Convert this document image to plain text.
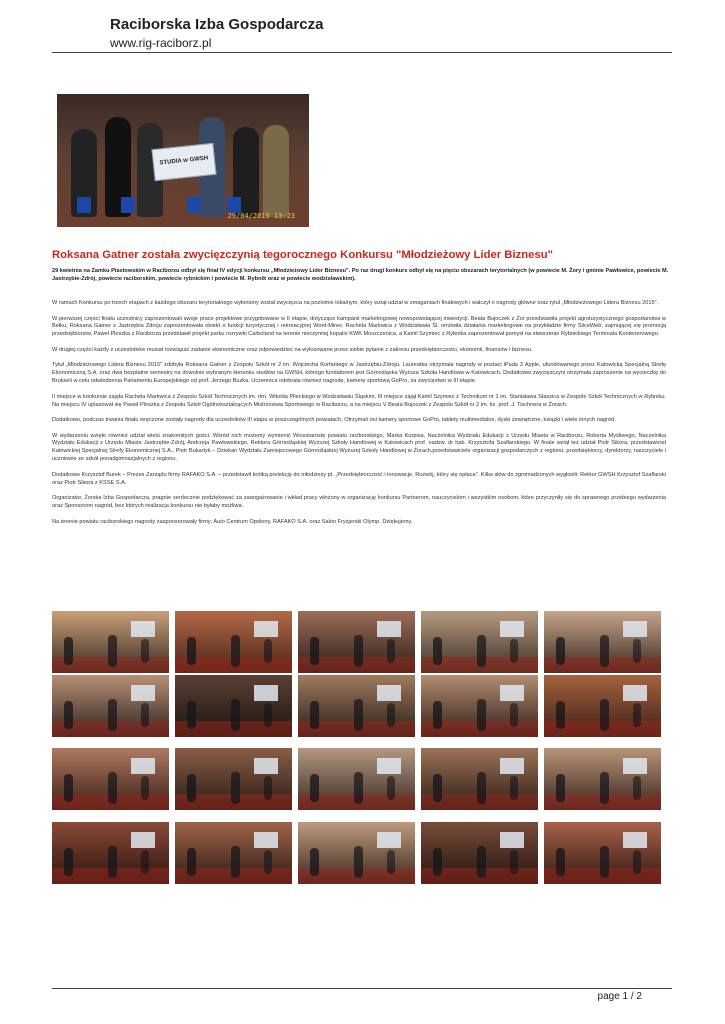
Raciborska Izba Gospodarcza
www.rig-raciborz.pl
STUDIA w GWSH
29/04/2015 13:23
Roksana Gatner została zwycięzczynią tegorocznego Konkursu "Młodzieżowy Lider Biznesu"
29 kwietnia na Zamku Piastowskim w Raciborzu odbył się finał IV edycji konkursu „Młodzieżowy Lider Biznesu". Po raz drugi konkurs odbył się na pięciu obszarach terytorialnych (w powiecie M. Żory i gminie Pawłowice, powiecie M. Jastrzębie-Zdrój, powiecie raciborskim, powiecie rybnickim i powiecie M. Rybnik oraz w powiecie wodzisławskim).

W ramach Konkursu po trzech etapach z każdego obszaru terytorialnego wyłoniony został zwycięzca na poziomie lokalnym, który wziął udział w zmaganiach finałowych i walczył o nagrody główne oraz tytuł „Młodzieżowego Lidera Biznesu 2015".

W pierwszej części finału uczestnicy zaprezentowali swoje prace projektowe przygotowane w II etapie, dotyczące kampanii marketingowej nowopowstającej inwestycji. Beata Bujoczek z Żor przedstawiła projekt agroturystycznego gospodarstwa w Bełku, Roksana Gatner z Jastrzębia Zdroju zaprezentowała obiekt o funkcji turystycznej i rekreacyjnej Word-Miner, Rachela Markwica z Wodzisławia Śl. omówiła działania marketingowe na przykładzie firmy SliceWeb, zajmującej się promocją przedsiębiorstw, Paweł Pleszka z Raciborza przedstawił projekt parku rozrywki Carboland na terenie nieczynnej kopalni KWK Moszczenica, a Kamil Szymiec z Rybnika zaprezentował pomysł na stworzenie Rybnickiego Terminala Kontenerowego.

W drugiej części każdy z uczestników musiał rozwiązać zadanie ekonomiczne oraz odpowiedzieć na wylosowane przez siebie pytanie z zakresu przedsiębiorczości, ekonomii, finansów i biznesu.

Tytuł „Młodzieżowego Lidera Biznesu 2015" zdobyła Roksana Gatner z Zespołu Szkół nr 2 im. Wojciecha Korfantego w Jastrzębiu-Zdroju. Laureatka otrzymała nagrody w postaci iPada 3 Apple, ufundowanego przez Katowicką Specjalną Strefę Ekonomiczną S.A. oraz dwa bezpłatne semestry na dowolnie wybranym kierunku studiów na GWSH, którego fundatorem jest Górnośląska Wyższa Szkoła Handlowa w Katowicach. Dodatkowo zwycięzczyni otrzymała zaproszenie na wycieczkę do Brukseli w celu odwiedzenia Parlamentu Europejskiego od prof. Jerzego Buzka. Uczennica odebrała również nagrodę, kamerę sportową GoPro, za zwycięstwo w III etapie.

II miejsce w konkursie zajęła Rachela Markwica z Zespołu Szkół Technicznych im. rtm. Witolda Pileckiego w Wodzisławiu Śląskim, III miejsce zajął Kamil Szymiec z Technikum nr 1 im. Stanisława Staszica w Zespole Szkół Technicznych w Rybniku. Na miejscu IV uplasował się Paweł Pleszka z Zespołu Szkół Ogólnokształcących Mistrzostwa Sportowego w Raciborzu, a na miejscu V Beata Bujoczek z Zespołu Szkół nr 2 im. ks. prof. J. Tischnera w Żorach.

Dodatkowo, podczas trwania finału wręczone zostały nagrody dla uczestników III etapu w poszczególnych powiatach. Otrzymali oni kamery sportowe GoPro, tablety multimedialne, dyski zewnętrzne, książki i wiele innych nagród.

W wydarzeniu wzięło również udział wielu znakomitych gości. Wśród nich możemy wymienić Wicestarostę powiatu raciborskiego, Marka Kurpisa, Naczelnika Wydziału Edukacji z Urzędu Miasta w Raciborzu, Roberta Myśliwego, Naczelnika Wydziału Edukacji z Urzędu Miasta Jastrzębie-Zdrój, Andrzeja Pawłowskiego, Rektora Górnośląskiej Wyższej Szkoły Handlowej w Katowicach prof. nadzw. dr hab. Krzysztofa Szaflarskiego. W finale wziął też udział Piotr Sikora, przedstawiciel Katowickiej Specjalnej Strefy Ekonomicznej S.A., Piotr Bukartyk – Dziekan Wydziału Zamiejscowego Górnośląskiej Wyższej Szkoły Handlowej w Żorach,przedstawiciele organizacji gospodarczych z regionu, przedsiębiorcy, dyrektorzy, nauczyciele i uczniowie ze szkół ponadgimnazjalnych z regionu.

Dodatkowo Krzysztof Burek – Prezes Zarządu firmy RAFAKO S.A. – przedstawił krótką prelekcję do młodzieży pt. „Przedsiębiorczość i innowacje. Rozwój, który się opłaca". Kilka słów do zgromadzonych wygłosili: Rektor GWSH Krzysztof Szaflarski oraz Piotr Sikora z KSSE S.A.

Organizator, Żorska Izba Gospodarcza, pragnie serdecznie podziękować za zaangażowanie i wkład pracy włożony w organizację konkursu Partnerom, nauczycielom i wszystkim osobom, które przyczyniły się do sprawnego przebiegu wydarzenia oraz Sponsorom nagród, bez których realizacja konkursu nie byłaby możliwa.

Na terenie powiatu raciborskiego nagrody zasponsorowały firmy: Auto Centrum Opolony, RAFAKO S.A. oraz Salon Fryzjerski Olymp. Dziękujemy.

page 1 / 2
